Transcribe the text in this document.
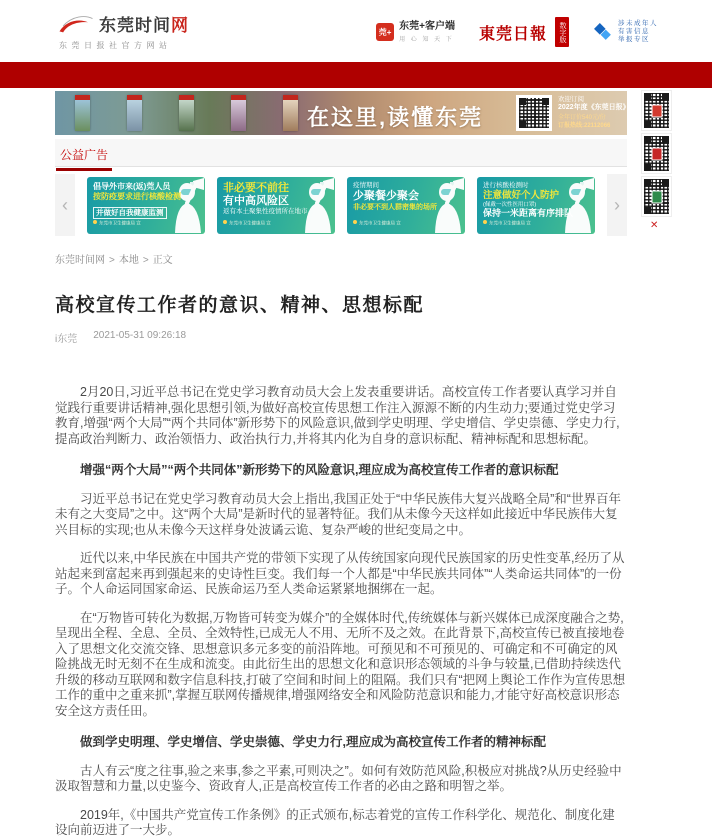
东莞时间网
东莞日报社官方网站
莞+ 东莞+客户端
用 心 知 天 下 東莞日報	数字版	涉未成年人
有害信息
举报专区
在这里,读懂东莞
欢迎订阅
2022年度《东莞日报》
全年订价540元/份
订报热线:22112066
公益广告
‹
倡导外市来(返)莞人员
按防疫要求进行核酸检测
并做好自我健康监测
东莞市卫生健康局 宣
非必要不前往
有中高风险区
返有本土聚集性疫情所在地市
东莞市卫生健康局 宣
疫情期间
少聚餐少聚会
非必要不到人群密集的场所
东莞市卫生健康局 宣
进行核酸检测时
注意做好个人防护
(佩戴一次性医用口罩)
保持一米距离有序排队
东莞市卫生健康局 宣
›
东莞时间网 > 本地 > 正文
高校宣传工作者的意识、精神、思想标配
i东莞 2021-05-31 09:26:18

2月20日,习近平总书记在党史学习教育动员大会上发表重要讲话。高校宣传工作者要认真学习并自觉践行重要讲话精神,强化思想引领,为做好高校宣传思想工作注入源源不断的内生动力;要通过党史学习教育,增强“两个大局”“两个共同体”新形势下的风险意识,做到学史明理、学史增信、学史崇德、学史力行,提高政治判断力、政治领悟力、政治执行力,并将其内化为自身的意识标配、精神标配和思想标配。

增强“两个大局”“两个共同体”新形势下的风险意识,理应成为高校宣传工作者的意识标配

习近平总书记在党史学习教育动员大会上指出,我国正处于“中华民族伟大复兴战略全局”和“世界百年未有之大变局”之中。这“两个大局”是新时代的显著特征。我们从未像今天这样如此接近中华民族伟大复兴目标的实现;也从未像今天这样身处波谲云诡、复杂严峻的世纪变局之中。

近代以来,中华民族在中国共产党的带领下实现了从传统国家向现代民族国家的历史性变革,经历了从站起来到富起来再到强起来的史诗性巨变。我们每一个人都是“中华民族共同体”“人类命运共同体”的一份子。个人命运同国家命运、民族命运乃至人类命运紧紧地捆绑在一起。

在“万物皆可转化为数据,万物皆可转变为媒介”的全媒体时代,传统媒体与新兴媒体已成深度融合之势,呈现出全程、全息、全员、全效特性,已成无人不用、无所不及之效。在此背景下,高校宣传已被直接地卷入了思想文化交流交锋、思想意识多元多变的前沿阵地。可预见和不可预见的、可确定和不可确定的风险挑战无时无刻不在生成和流变。由此衍生出的思想文化和意识形态领域的斗争与较量,已借助持续迭代升级的移动互联网和数字信息科技,打破了空间和时间上的阻隔。我们只有“把网上舆论工作作为宣传思想工作的重中之重来抓”,掌握互联网传播规律,增强网络安全和风险防范意识和能力,才能守好高校意识形态安全这方责任田。

做到学史明理、学史增信、学史崇德、学史力行,理应成为高校宣传工作者的精神标配

古人有云“度之往事,验之来事,参之平素,可则决之”。如何有效防范风险,积极应对挑战?从历史经验中汲取智慧和力量,以史鉴今、资政育人,正是高校宣传工作者的必由之路和明智之举。

2019年,《中国共产党宣传工作条例》的正式颁布,标志着党的宣传工作科学化、规范化、制度化建设向前迈进了一大步。

✕
